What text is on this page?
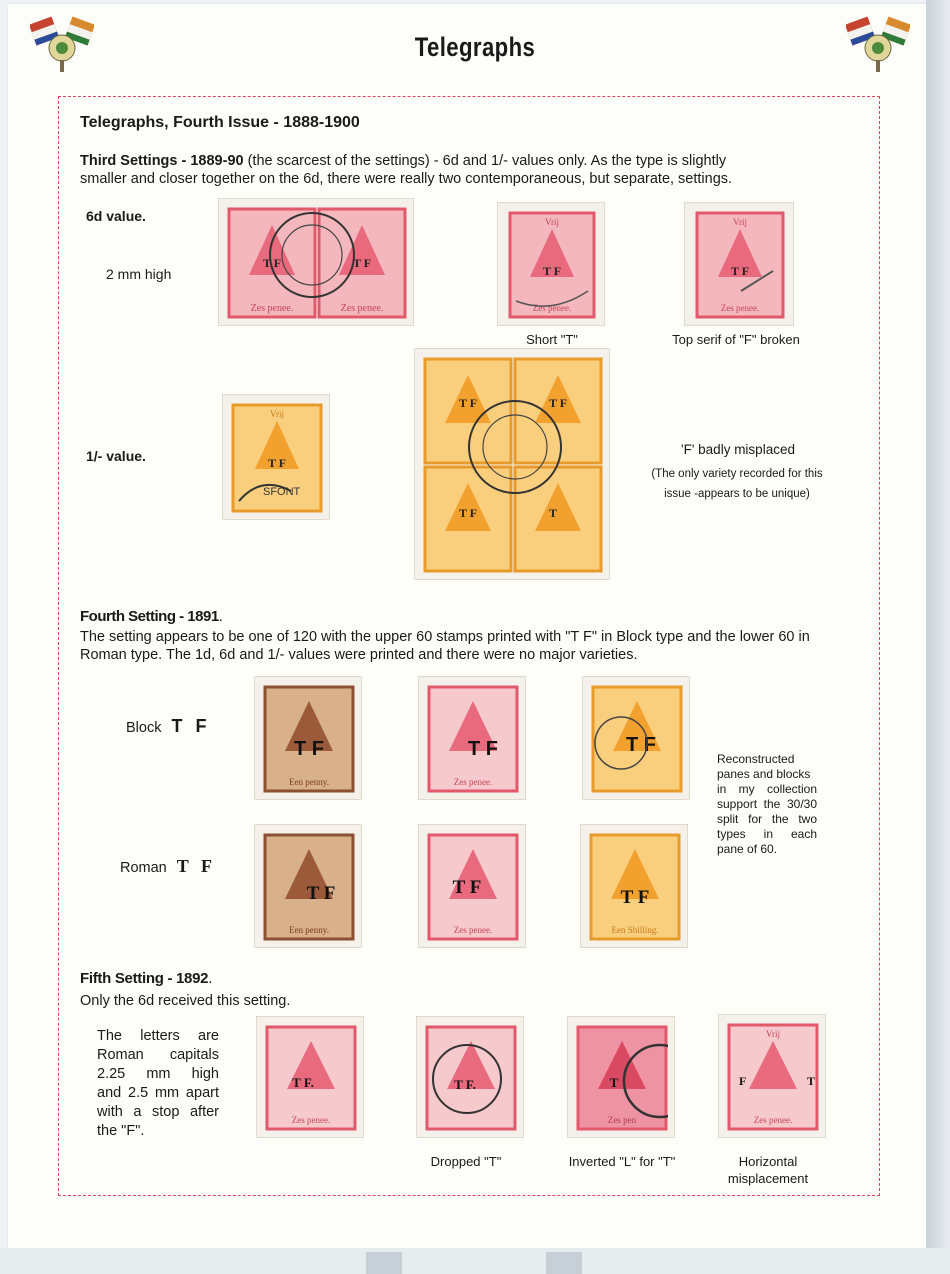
Telegraphs
Telegraphs, Fourth Issue - 1888-1900
Third Settings - 1889-90 (the scarcest of the settings) - 6d and 1/- values only. As the type is slightly
smaller and closer together on the 6d, there were really two contemporaneous, but separate, settings.
6d value.
2 mm high
T F	T F
Zes penee.	Zes penee.
Vrij
T F
Zes penee.
Short "T"
Vrij
T F
Zes penee.
Top serif of "F" broken
1/- value.
Vrij
T F
SFONT
T F	T F
T F	T
'F' badly misplaced
(The only variety recorded for this
issue -appears to be unique)
Fourth Setting - 1891.
The setting appears to be one of 120 with the upper 60 stamps printed with "T F" in Block type and the lower 60 in
Roman type. The 1d, 6d and 1/- values were printed and there were no major varieties.
Block T F
Roman T F
T F
Een penny.
T F
Zes penee.
T F
Reconstructed
panes and blocks
in my collection
support the 30/30
split for the two
types in each
pane of 60.
T F
Een penny.
T F
Zes penee.
T F
Een Shilling.
Fifth Setting - 1892.
Only the 6d received this setting.
The letters are
Roman capitals
2.25 mm high
and 2.5 mm apart
with a stop after
the "F".
T F.
Zes penee.
T F.
Dropped "T"
T
Zes pen
Inverted "L" for "T"
Vrij
F	T
Zes penee.
Horizontal
misplacement
